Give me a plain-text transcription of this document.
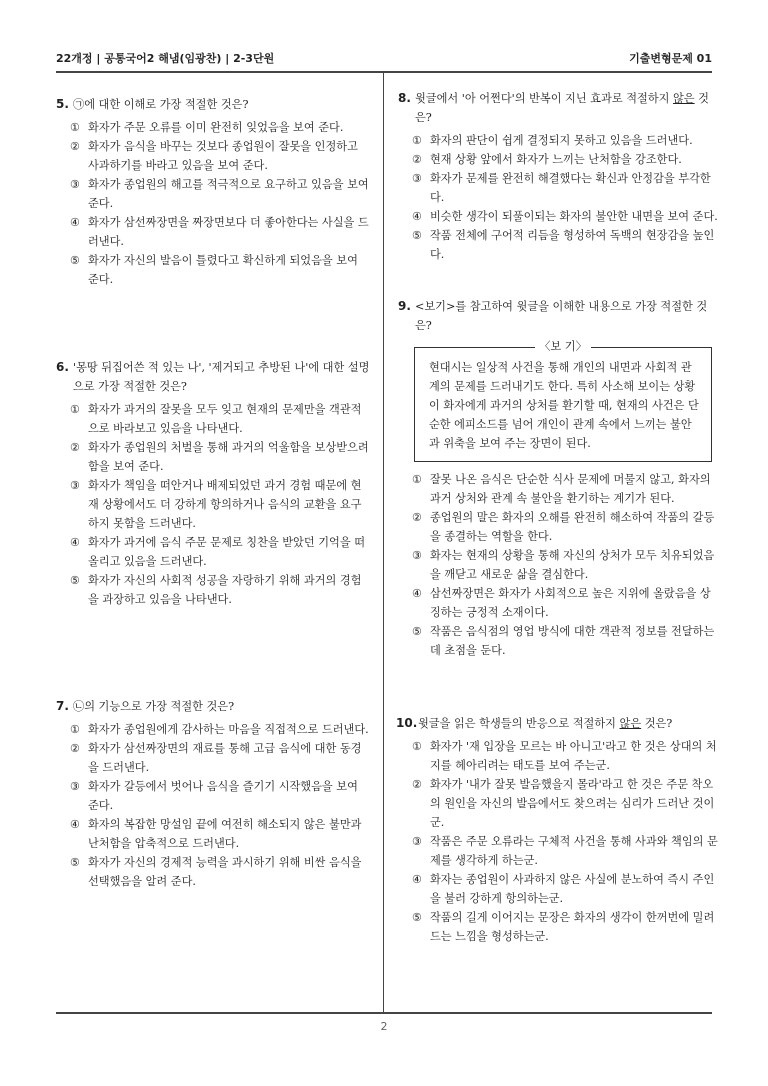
22개정 | 공통국어2 해냄(임광찬) | 2-3단원	기출변형문제 01
2
5. ㉠에 대한 이해로 가장 적절한 것은?
① 화자가 주문 오류를 이미 완전히 잊었음을 보여 준다.
② 화자가 음식을 바꾸는 것보다 종업원이 잘못을 인정하고 사과하기를 바라고 있음을 보여 준다.
③ 화자가 종업원의 해고를 적극적으로 요구하고 있음을 보여 준다.
④ 화자가 삼선짜장면을 짜장면보다 더 좋아한다는 사실을 드러낸다.
⑤ 화자가 자신의 발음이 틀렸다고 확신하게 되었음을 보여 준다.
6. '몽땅 뒤집어쓴 적 있는 나', '제거되고 추방된 나'에 대한 설명으로 가장 적절한 것은?
① 화자가 과거의 잘못을 모두 잊고 현재의 문제만을 객관적으로 바라보고 있음을 나타낸다.
② 화자가 종업원의 처벌을 통해 과거의 억울함을 보상받으려 함을 보여 준다.
③ 화자가 책임을 떠안거나 배제되었던 과거 경험 때문에 현재 상황에서도 더 강하게 항의하거나 음식의 교환을 요구하지 못함을 드러낸다.
④ 화자가 과거에 음식 주문 문제로 칭찬을 받았던 기억을 떠올리고 있음을 드러낸다.
⑤ 화자가 자신의 사회적 성공을 자랑하기 위해 과거의 경험을 과장하고 있음을 나타낸다.
7. ㉡의 기능으로 가장 적절한 것은?
① 화자가 종업원에게 감사하는 마음을 직접적으로 드러낸다.
② 화자가 삼선짜장면의 재료를 통해 고급 음식에 대한 동경을 드러낸다.
③ 화자가 갈등에서 벗어나 음식을 즐기기 시작했음을 보여 준다.
④ 화자의 복잡한 망설임 끝에 여전히 해소되지 않은 불만과 난처함을 압축적으로 드러낸다.
⑤ 화자가 자신의 경제적 능력을 과시하기 위해 비싼 음식을 선택했음을 알려 준다.
8. 윗글에서 '아 어쩐다'의 반복이 지닌 효과로 적절하지 않은 것은?
① 화자의 판단이 쉽게 결정되지 못하고 있음을 드러낸다.
② 현재 상황 앞에서 화자가 느끼는 난처함을 강조한다.
③ 화자가 문제를 완전히 해결했다는 확신과 안정감을 부각한다.
④ 비슷한 생각이 되풀이되는 화자의 불안한 내면을 보여 준다.
⑤ 작품 전체에 구어적 리듬을 형성하여 독백의 현장감을 높인다.
9. <보기>를 참고하여 윗글을 이해한 내용으로 가장 적절한 것은?
〈보 기〉
현대시는 일상적 사건을 통해 개인의 내면과 사회적 관계의 문제를 드러내기도 한다. 특히 사소해 보이는 상황이 화자에게 과거의 상처를 환기할 때, 현재의 사건은 단순한 에피소드를 넘어 개인이 관계 속에서 느끼는 불안과 위축을 보여 주는 장면이 된다.
① 잘못 나온 음식은 단순한 식사 문제에 머물지 않고, 화자의 과거 상처와 관계 속 불안을 환기하는 계기가 된다.
② 종업원의 말은 화자의 오해를 완전히 해소하여 작품의 갈등을 종결하는 역할을 한다.
③ 화자는 현재의 상황을 통해 자신의 상처가 모두 치유되었음을 깨닫고 새로운 삶을 결심한다.
④ 삼선짜장면은 화자가 사회적으로 높은 지위에 올랐음을 상징하는 긍정적 소재이다.
⑤ 작품은 음식점의 영업 방식에 대한 객관적 정보를 전달하는 데 초점을 둔다.
10. 윗글을 읽은 학생들의 반응으로 적절하지 않은 것은?
① 화자가 '재 입장을 모르는 바 아니고'라고 한 것은 상대의 처지를 헤아리려는 태도를 보여 주는군.
② 화자가 '내가 잘못 발음했을지 몰라'라고 한 것은 주문 착오의 원인을 자신의 발음에서도 찾으려는 심리가 드러난 것이군.
③ 작품은 주문 오류라는 구체적 사건을 통해 사과와 책임의 문제를 생각하게 하는군.
④ 화자는 종업원이 사과하지 않은 사실에 분노하여 즉시 주인을 불러 강하게 항의하는군.
⑤ 작품의 길게 이어지는 문장은 화자의 생각이 한꺼번에 밀려드는 느낌을 형성하는군.
